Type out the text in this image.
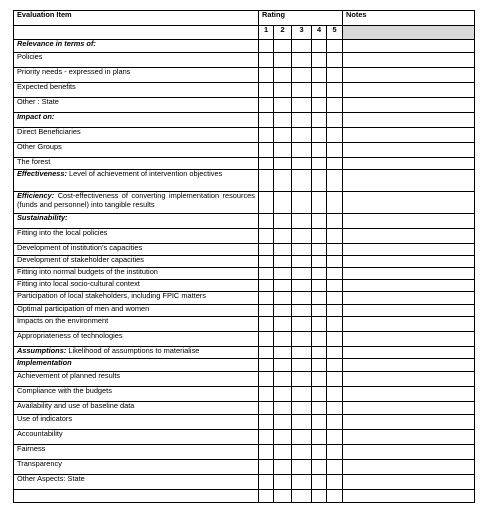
Evaluation Item	Rating					Notes
	1	2	3	4	5	
Relevance in terms of:						
Policies						
Priority needs - expressed in plans						
Expected benefits						
Other : State						
Impact on:						
Direct Beneficiaries						
Other Groups						
The forest						
Effectiveness: Level of achievement of intervention objectives						
Efficiency: Cost-effectiveness of converting implementation resources (funds and personnel) into tangible results						
Sustainability:						
Fitting into the local policies						
Development of institution’s capacities						
Development of stakeholder capacities						
Fitting into normal budgets of the institution						
Fitting into local socio-cultural context						
Participation of local stakeholders, including FPIC matters						
Optimal participation of men and women						
Impacts on the environment						
Appropriateness of technologies						
Assumptions: Likelihood of assumptions to materialise						
Implementation						
Achievement of planned results						
Compliance with the budgets						
Availability and use of baseline data						
Use of indicators						
Accountability						
Fairness						
Transparency						
Other Aspects: State						
